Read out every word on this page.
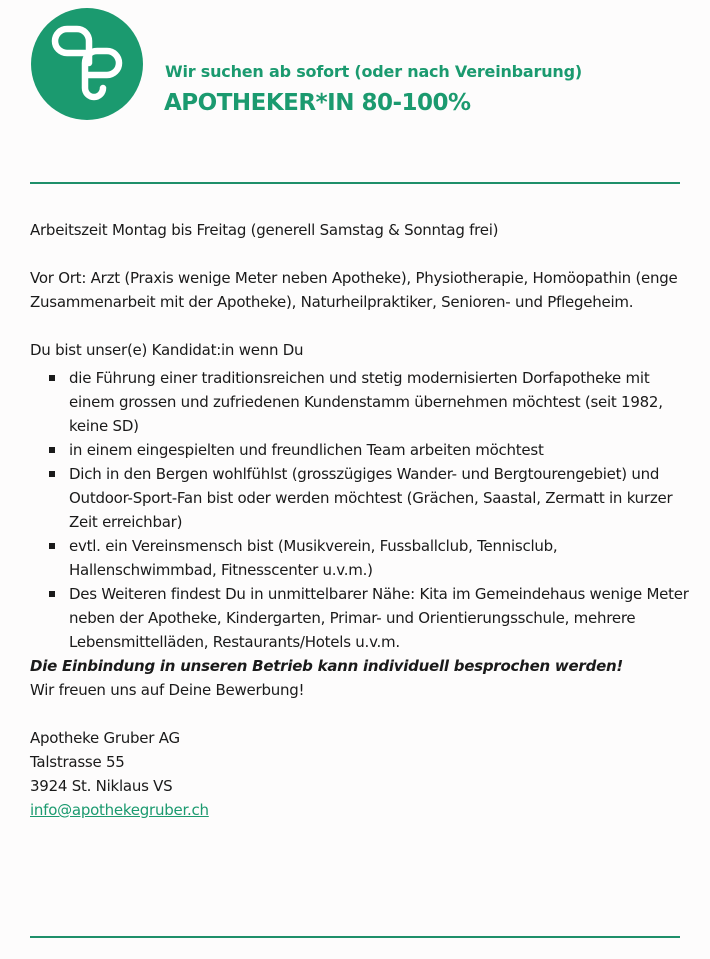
Wir suchen ab sofort (oder nach Vereinbarung)
APOTHEKER*IN 80-100%

Arbeitszeit Montag bis Freitag (generell Samstag & Sonntag frei)

Vor Ort: Arzt (Praxis wenige Meter neben Apotheke), Physiotherapie, Homöopathin (enge Zusammenarbeit mit der Apotheke), Naturheilpraktiker, Senioren- und Pflegeheim.

Du bist unser(e) Kandidat:in wenn Du

die Führung einer traditionsreichen und stetig modernisierten Dorfapotheke mit einem grossen und zufriedenen Kundenstamm übernehmen möchtest (seit 1982, keine SD)
in einem eingespielten und freundlichen Team arbeiten möchtest
Dich in den Bergen wohlfühlst (grosszügiges Wander- und Bergtourengebiet) und Outdoor-Sport-Fan bist oder werden möchtest (Grächen, Saastal, Zermatt in kurzer Zeit erreichbar)
evtl. ein Vereinsmensch bist (Musikverein, Fussballclub, Tennisclub, Hallenschwimmbad, Fitnesscenter u.v.m.)
Des Weiteren findest Du in unmittelbarer Nähe: Kita im Gemeindehaus wenige Meter neben der Apotheke, Kindergarten, Primar- und Orientierungsschule, mehrere Lebensmittelläden, Restaurants/Hotels u.v.m.

Die Einbindung in unseren Betrieb kann individuell besprochen werden!

Wir freuen uns auf Deine Bewerbung!

Apotheke Gruber AG

Talstrasse 55

3924 St. Niklaus VS

info@apothekegruber.ch
